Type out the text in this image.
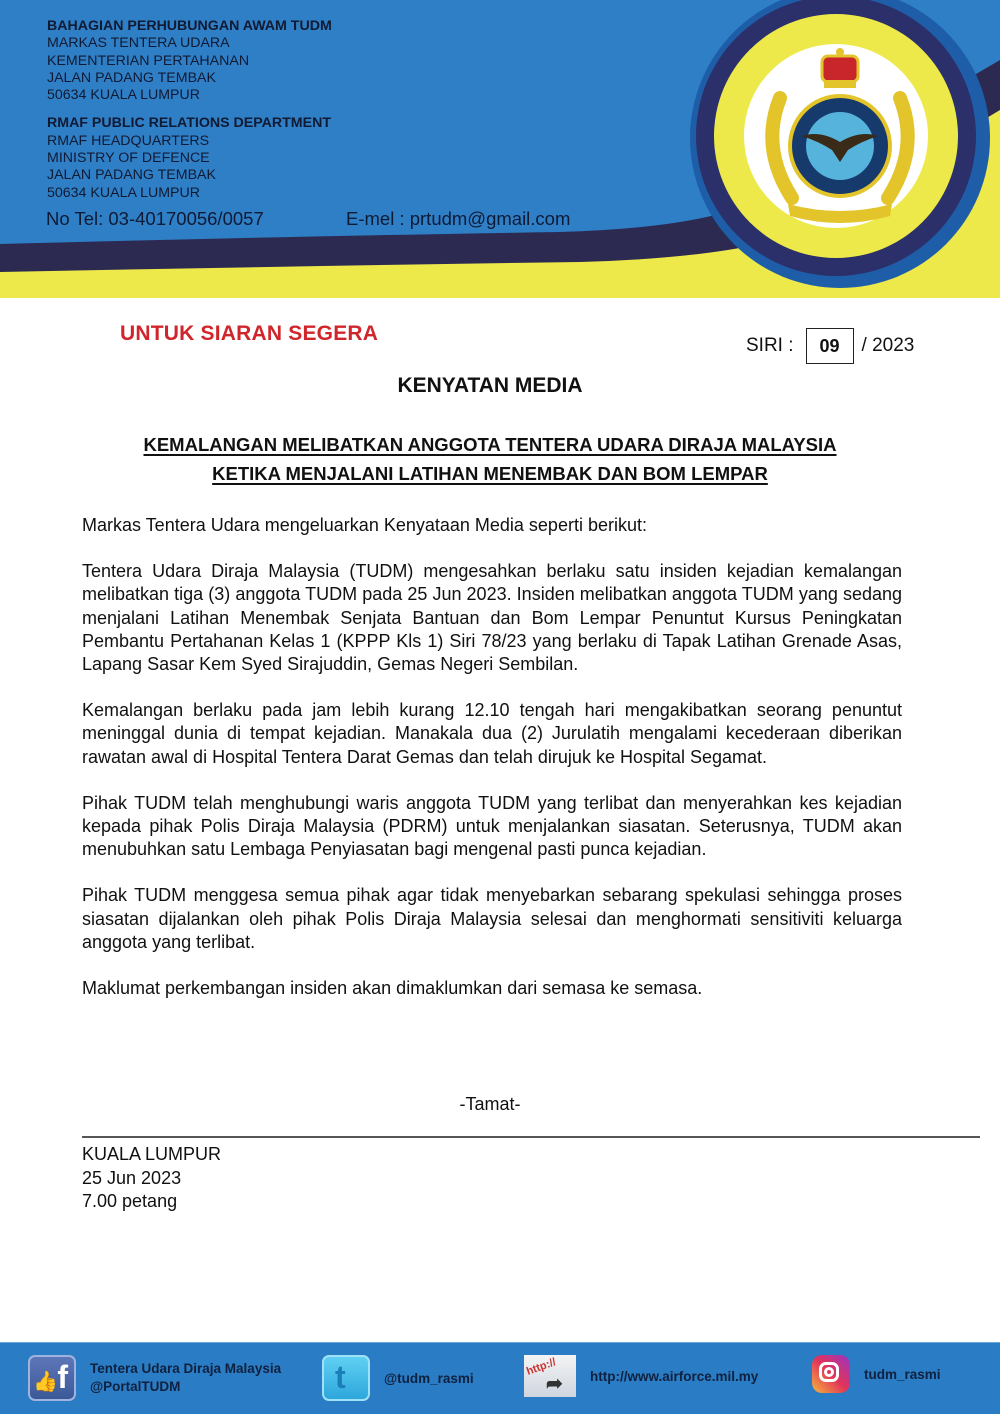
BAHAGIAN PERHUBUNGAN AWAM TUDM
MARKAS TENTERA UDARA
KEMENTERIAN PERTAHANAN
JALAN PADANG TEMBAK
50634 KUALA LUMPUR
RMAF PUBLIC RELATIONS DEPARTMENT
RMAF HEADQUARTERS
MINISTRY OF DEFENCE
JALAN PADANG TEMBAK
50634 KUALA LUMPUR
No Tel: 03-40170056/0057	E-mel : prtudm@gmail.com
UNTUK SIARAN SEGERA
SIRI :	09	/ 2023
KENYATAN MEDIA
KEMALANGAN MELIBATKAN ANGGOTA TENTERA UDARA DIRAJA MALAYSIA
KETIKA MENJALANI LATIHAN MENEMBAK DAN BOM LEMPAR

Markas Tentera Udara mengeluarkan Kenyataan Media seperti berikut:

Tentera Udara Diraja Malaysia (TUDM) mengesahkan berlaku satu insiden kejadian kemalangan melibatkan tiga (3) anggota TUDM pada 25 Jun 2023. Insiden melibatkan anggota TUDM yang sedang menjalani Latihan Menembak Senjata Bantuan dan Bom Lempar Penuntut Kursus Peningkatan Pembantu Pertahanan Kelas 1 (KPPP Kls 1) Siri 78/23 yang berlaku di Tapak Latihan Grenade Asas, Lapang Sasar Kem Syed Sirajuddin, Gemas Negeri Sembilan.

Kemalangan berlaku pada jam lebih kurang 12.10 tengah hari mengakibatkan seorang penuntut meninggal dunia di tempat kejadian. Manakala dua (2) Jurulatih mengalami kecederaan diberikan rawatan awal di Hospital Tentera Darat Gemas dan telah dirujuk ke Hospital Segamat.

Pihak TUDM telah menghubungi waris anggota TUDM yang terlibat dan menyerahkan kes kejadian kepada pihak Polis Diraja Malaysia (PDRM) untuk menjalankan siasatan. Seterusnya, TUDM akan menubuhkan satu Lembaga Penyiasatan bagi mengenal pasti punca kejadian.

Pihak TUDM menggesa semua pihak agar tidak menyebarkan sebarang spekulasi sehingga proses siasatan dijalankan oleh pihak Polis Diraja Malaysia selesai dan menghormati sensitiviti keluarga anggota yang terlibat.

Maklumat perkembangan insiden akan dimaklumkan dari semasa ke semasa.

-Tamat-
KUALA LUMPUR
25 Jun 2023
7.00 petang
f
👍
Tentera Udara Diraja Malaysia
@PortalTUDM	t	@tudm_rasmi
http://
➦ http://www.airforce.mil.my	tudm_rasmi
